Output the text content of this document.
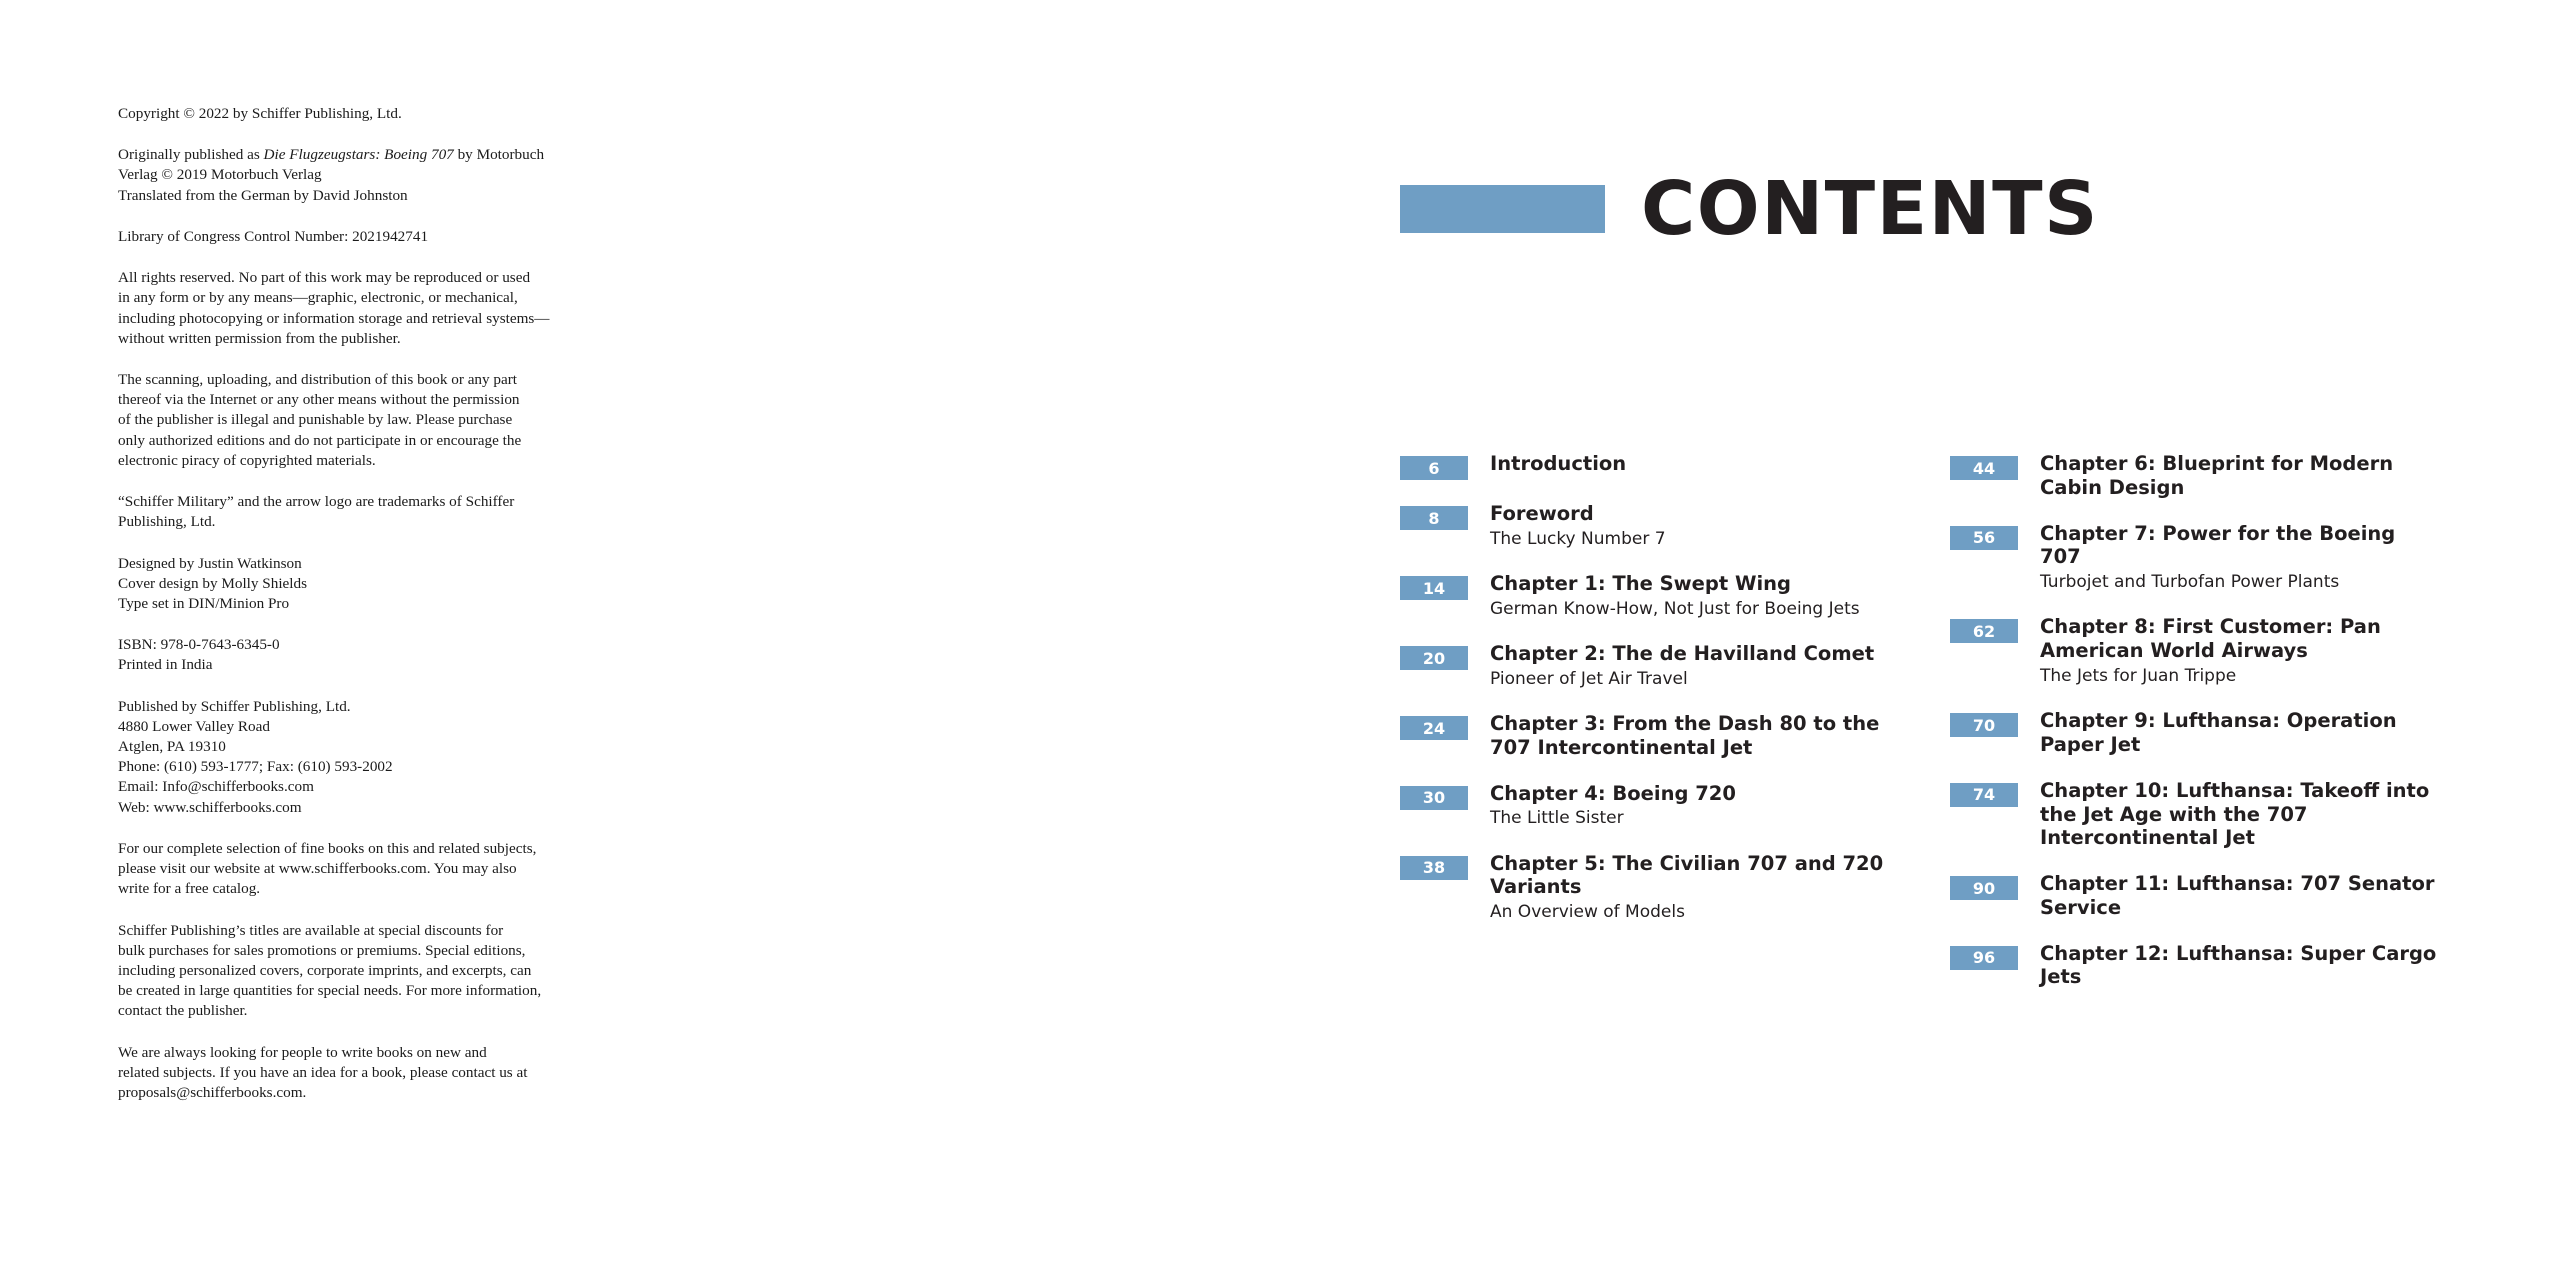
Copyright © 2022 by Schiffer Publishing, Ltd.
Originally published as Die Flugzeugstars: Boeing 707 by Motorbuch
Verlag © 2019 Motorbuch Verlag
Translated from the German by David Johnston
Library of Congress Control Number: 2021942741
All rights reserved. No part of this work may be reproduced or used
in any form or by any means—graphic, electronic, or mechanical,
including photocopying or information storage and retrieval systems—
without written permission from the publisher.
The scanning, uploading, and distribution of this book or any part
thereof via the Internet or any other means without the permission
of the publisher is illegal and punishable by law. Please purchase
only authorized editions and do not participate in or encourage the
electronic piracy of copyrighted materials.
“Schiffer Military” and the arrow logo are trademarks of Schiffer
Publishing, Ltd.
Designed by Justin Watkinson
Cover design by Molly Shields
Type set in DIN/Minion Pro
ISBN: 978-0-7643-6345-0
Printed in India
Published by Schiffer Publishing, Ltd.
4880 Lower Valley Road
Atglen, PA 19310
Phone: (610) 593-1777; Fax: (610) 593-2002
Email: Info@schifferbooks.com
Web: www.schifferbooks.com
For our complete selection of fine books on this and related subjects,
please visit our website at www.schifferbooks.com. You may also
write for a free catalog.
Schiffer Publishing’s titles are available at special discounts for
bulk purchases for sales promotions or premiums. Special editions,
including personalized covers, corporate imprints, and excerpts, can
be created in large quantities for special needs. For more information,
contact the publisher.
We are always looking for people to write books on new and
related subjects. If you have an idea for a book, please contact us at
proposals@schifferbooks.com.
CONTENTS
6	Introduction
8	Foreword
The Lucky Number 7
14	Chapter 1: The Swept Wing
German Know-How, Not Just for Boeing Jets
20	Chapter 2: The de Havilland Comet
Pioneer of Jet Air Travel
24	Chapter 3: From the Dash 80 to the 707 Intercontinental Jet
30	Chapter 4: Boeing 720
The Little Sister
38	Chapter 5: The Civilian 707 and 720 Variants
An Overview of Models
44	Chapter 6: Blueprint for Modern Cabin Design
56	Chapter 7: Power for the Boeing 707
Turbojet and Turbofan Power Plants
62	Chapter 8: First Customer: Pan American World Airways
The Jets for Juan Trippe
70	Chapter 9: Lufthansa: Operation Paper Jet
74	Chapter 10: Lufthansa: Takeoff into the Jet Age with the 707 Intercontinental Jet
90	Chapter 11: Lufthansa: 707 Senator Service
96	Chapter 12: Lufthansa: Super Cargo Jets
